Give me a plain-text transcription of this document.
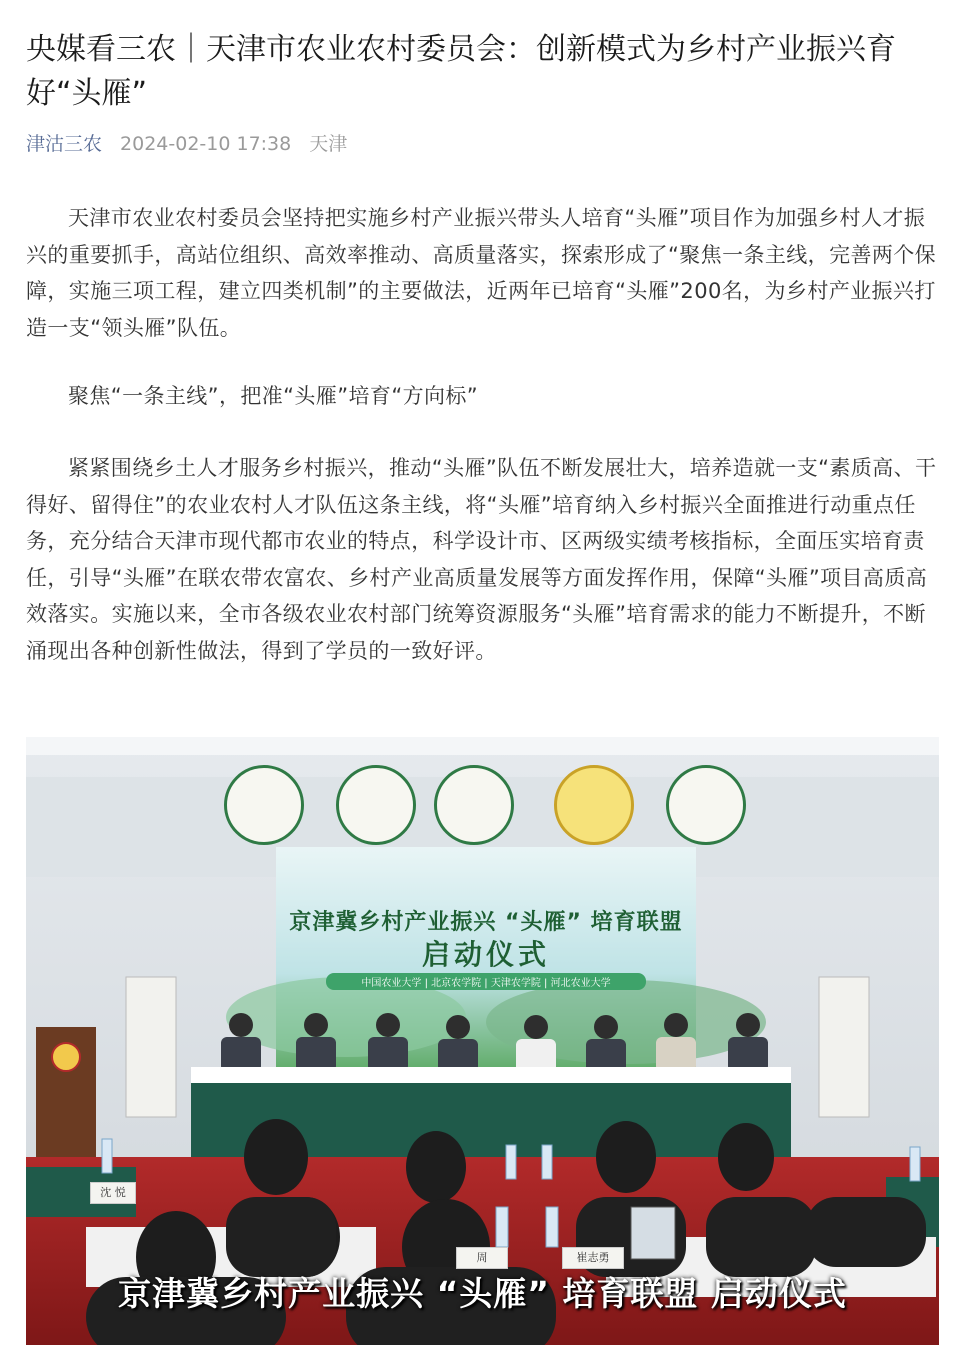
央媒看三农｜天津市农业农村委员会：创新模式为乡村产业振兴育好“头雁”
津沽三农 2024-02-10 17:38 天津

天津市农业农村委员会坚持把实施乡村产业振兴带头人培育“头雁”项目作为加强乡村人才振兴的重要抓手，高站位组织、高效率推动、高质量落实，探索形成了“聚焦一条主线，完善两个保障，实施三项工程，建立四类机制”的主要做法，近两年已培育“头雁”200名，为乡村产业振兴打造一支“领头雁”队伍。

聚焦“一条主线”，把准“头雁”培育“方向标”

紧紧围绕乡土人才服务乡村振兴，推动“头雁”队伍不断发展壮大，培养造就一支“素质高、干得好、留得住”的农业农村人才队伍这条主线，将“头雁”培育纳入乡村振兴全面推进行动重点任务，充分结合天津市现代都市农业的特点，科学设计市、区两级实绩考核指标，全面压实培育责任，引导“头雁”在联农带农富农、乡村产业高质量发展等方面发挥作用，保障“头雁”项目高质高效落实。实施以来，全市各级农业农村部门统筹资源服务“头雁”培育需求的能力不断提升，不断涌现出各种创新性做法，得到了学员的一致好评。

京津冀乡村产业振兴 “头雁” 培育联盟
启动仪式
中国农业大学 | 北京农学院 | 天津农学院 | 河北农业大学
沈 悦
周	崔志勇
京津冀乡村产业振兴 “头雁” 培育联盟 启动仪式
